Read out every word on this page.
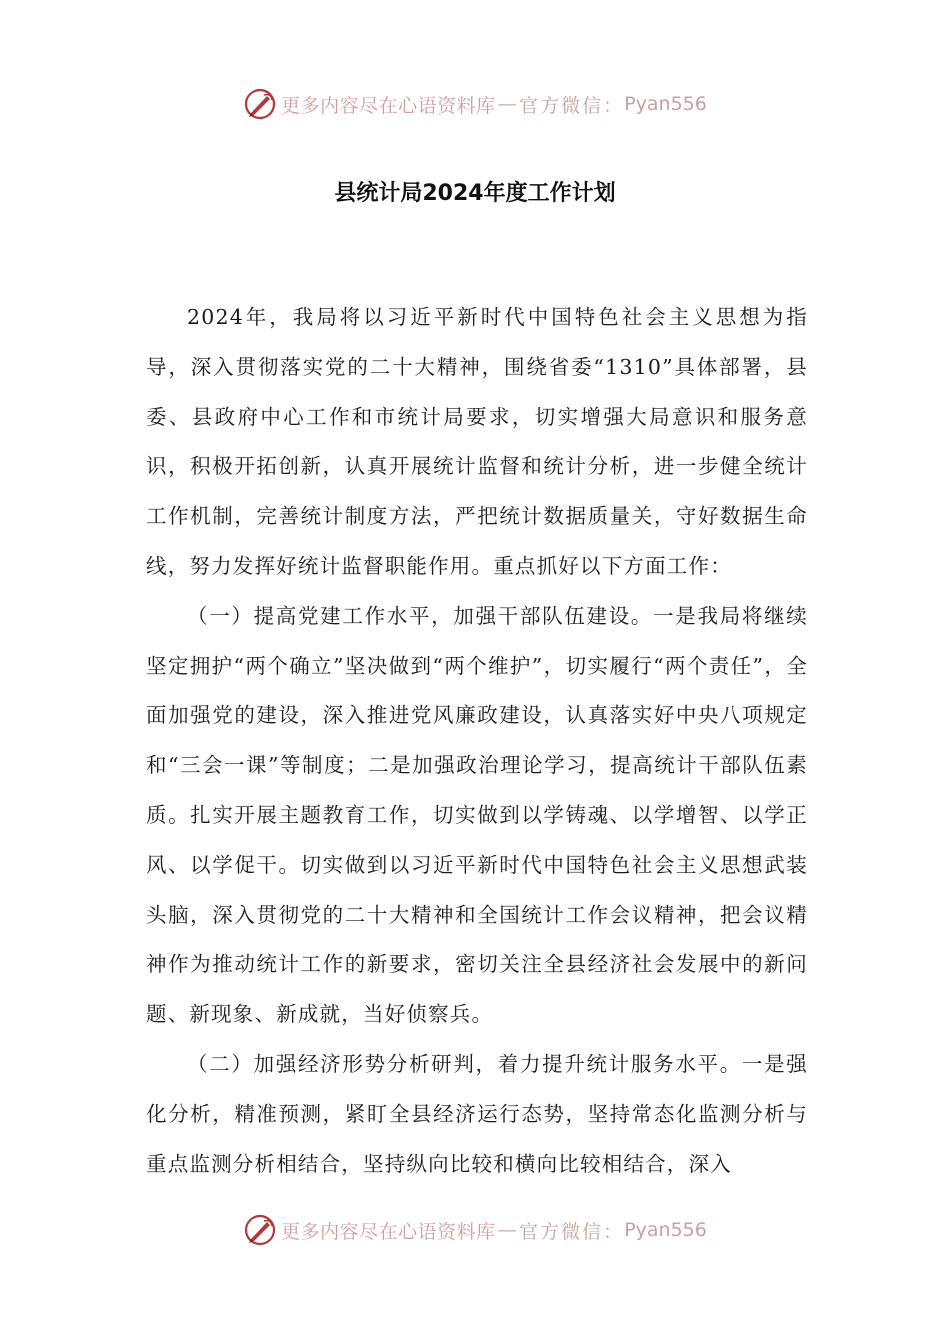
更多内容尽在心语资料库 — 官方微信： Pyan556
县统计局2024年度工作计划

2024年，我局将以习近平新时代中国特色社会主义思想为指导，深入贯彻落实党的二十大精神，围绕省委“1310”具体部署，县委、县政府中心工作和市统计局要求，切实增强大局意识和服务意识，积极开拓创新，认真开展统计监督和统计分析，进一步健全统计工作机制，完善统计制度方法，严把统计数据质量关，守好数据生命线，努力发挥好统计监督职能作用。重点抓好以下方面工作：

（一）提高党建工作水平，加强干部队伍建设。一是我局将继续坚定拥护“两个确立”坚决做到“两个维护”，切实履行“两个责任”，全面加强党的建设，深入推进党风廉政建设，认真落实好中央八项规定和“三会一课”等制度；二是加强政治理论学习，提高统计干部队伍素质。扎实开展主题教育工作，切实做到以学铸魂、以学增智、以学正风、以学促干。切实做到以习近平新时代中国特色社会主义思想武装头脑，深入贯彻党的二十大精神和全国统计工作会议精神，把会议精神作为推动统计工作的新要求，密切关注全县经济社会发展中的新问题、新现象、新成就，当好侦察兵。

（二）加强经济形势分析研判，着力提升统计服务水平。一是强化分析，精准预测，紧盯全县经济运行态势，坚持常态化监测分析与重点监测分析相结合，坚持纵向比较和横向比较相结合，深入

更多内容尽在心语资料库 — 官方微信： Pyan556
